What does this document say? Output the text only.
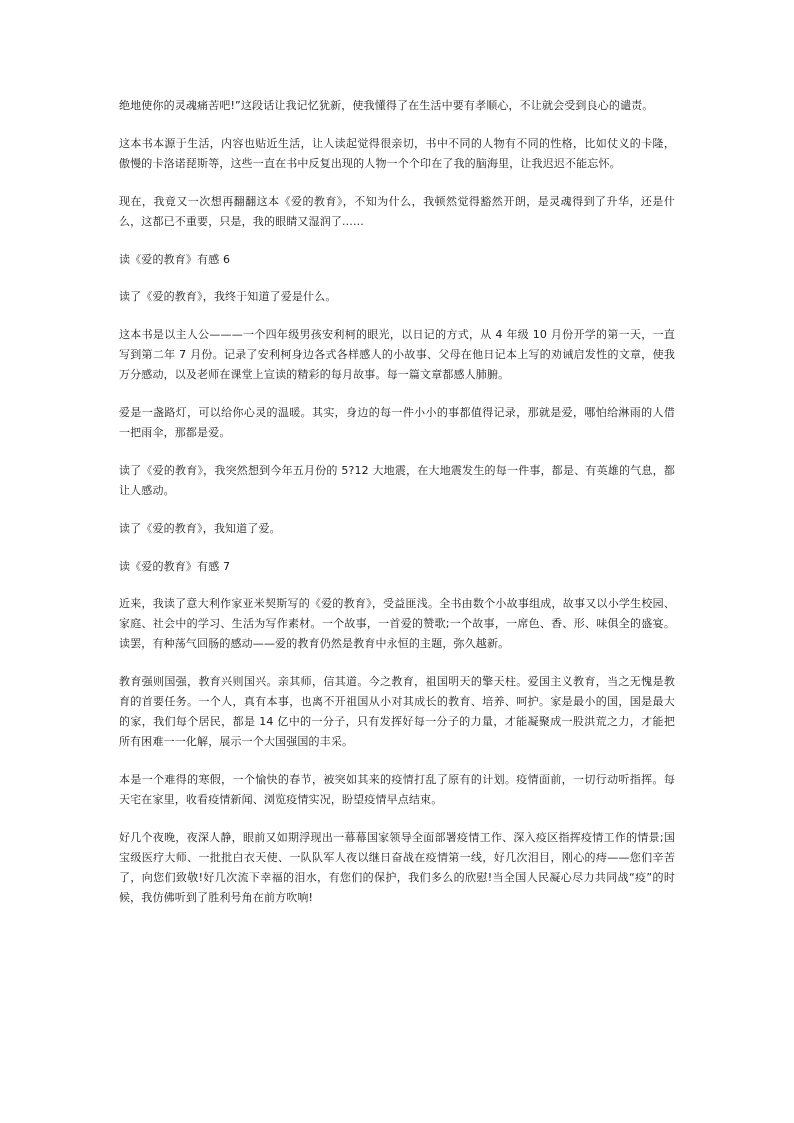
绝地使你的灵魂痛苦吧!”这段话让我记忆犹新，使我懂得了在生活中要有孝顺心，不让就会受到良心的谴责。

这本书本源于生活，内容也贴近生活，让人读起觉得很亲切，书中不同的人物有不同的性格，比如仗义的卡隆，傲慢的卡洛诺琵斯等，这些一直在书中反复出现的人物一个个印在了我的脑海里，让我迟迟不能忘怀。

现在，我竟又一次想再翻翻这本《爱的教育》，不知为什么，我顿然觉得豁然开朗，是灵魂得到了升华，还是什么，这都已不重要，只是，我的眼睛又湿润了......

读《爱的教育》有感 6

读了《爱的教育》，我终于知道了爱是什么。

这本书是以主人公———一个四年级男孩安利柯的眼光，以日记的方式，从 4 年级 10 月份开学的第一天，一直写到第二年 7 月份。记录了安利柯身边各式各样感人的小故事、父母在他日记本上写的劝诫启发性的文章，使我万分感动，以及老师在课堂上宣读的精彩的每月故事。每一篇文章都感人肺腑。

爱是一盏路灯，可以给你心灵的温暖。其实，身边的每一件小小的事都值得记录，那就是爱，哪怕给淋雨的人借一把雨伞，那都是爱。

读了《爱的教育》，我突然想到今年五月份的 5?12 大地震，在大地震发生的每一件事，都是、有英雄的气息，都让人感动。

读了《爱的教育》，我知道了爱。

读《爱的教育》有感 7

近来，我读了意大利作家亚米契斯写的《爱的教育》，受益匪浅。全书由数个小故事组成，故事又以小学生校园、家庭、社会中的学习、生活为写作素材。一个故事，一首爱的赞歌;一个故事，一席色、香、形、味俱全的盛宴。读罢，有种荡气回肠的感动——爱的教育仍然是教育中永恒的主题，弥久越新。

教育强则国强，教育兴则国兴。亲其师，信其道。今之教育，祖国明天的擎天柱。爱国主义教育，当之无愧是教育的首要任务。一个人，真有本事，也离不开祖国从小对其成长的教育、培养、呵护。家是最小的国，国是最大的家，我们每个居民，都是 14 亿中的一分子，只有发挥好每一分子的力量，才能凝聚成一股洪荒之力，才能把所有困难一一化解，展示一个大国强国的丰采。

本是一个难得的寒假，一个愉快的春节，被突如其来的疫情打乱了原有的计划。疫情面前，一切行动听指挥。每天宅在家里，收看疫情新闻、浏览疫情实况，盼望疫情早点结束。

好几个夜晚，夜深人静，眼前又如期浮现出一幕幕国家领导全面部署疫情工作、深入疫区指挥疫情工作的情景;国宝级医疗大师、一批批白衣天使、一队队军人夜以继日奋战在疫情第一线，好几次泪目，刚心的痔——您们辛苦了，向您们致敬!好几次流下幸福的泪水，有您们的保护，我们多么的欣慰!当全国人民凝心尽力共同战“疫”的时候，我仿佛听到了胜利号角在前方吹响!
